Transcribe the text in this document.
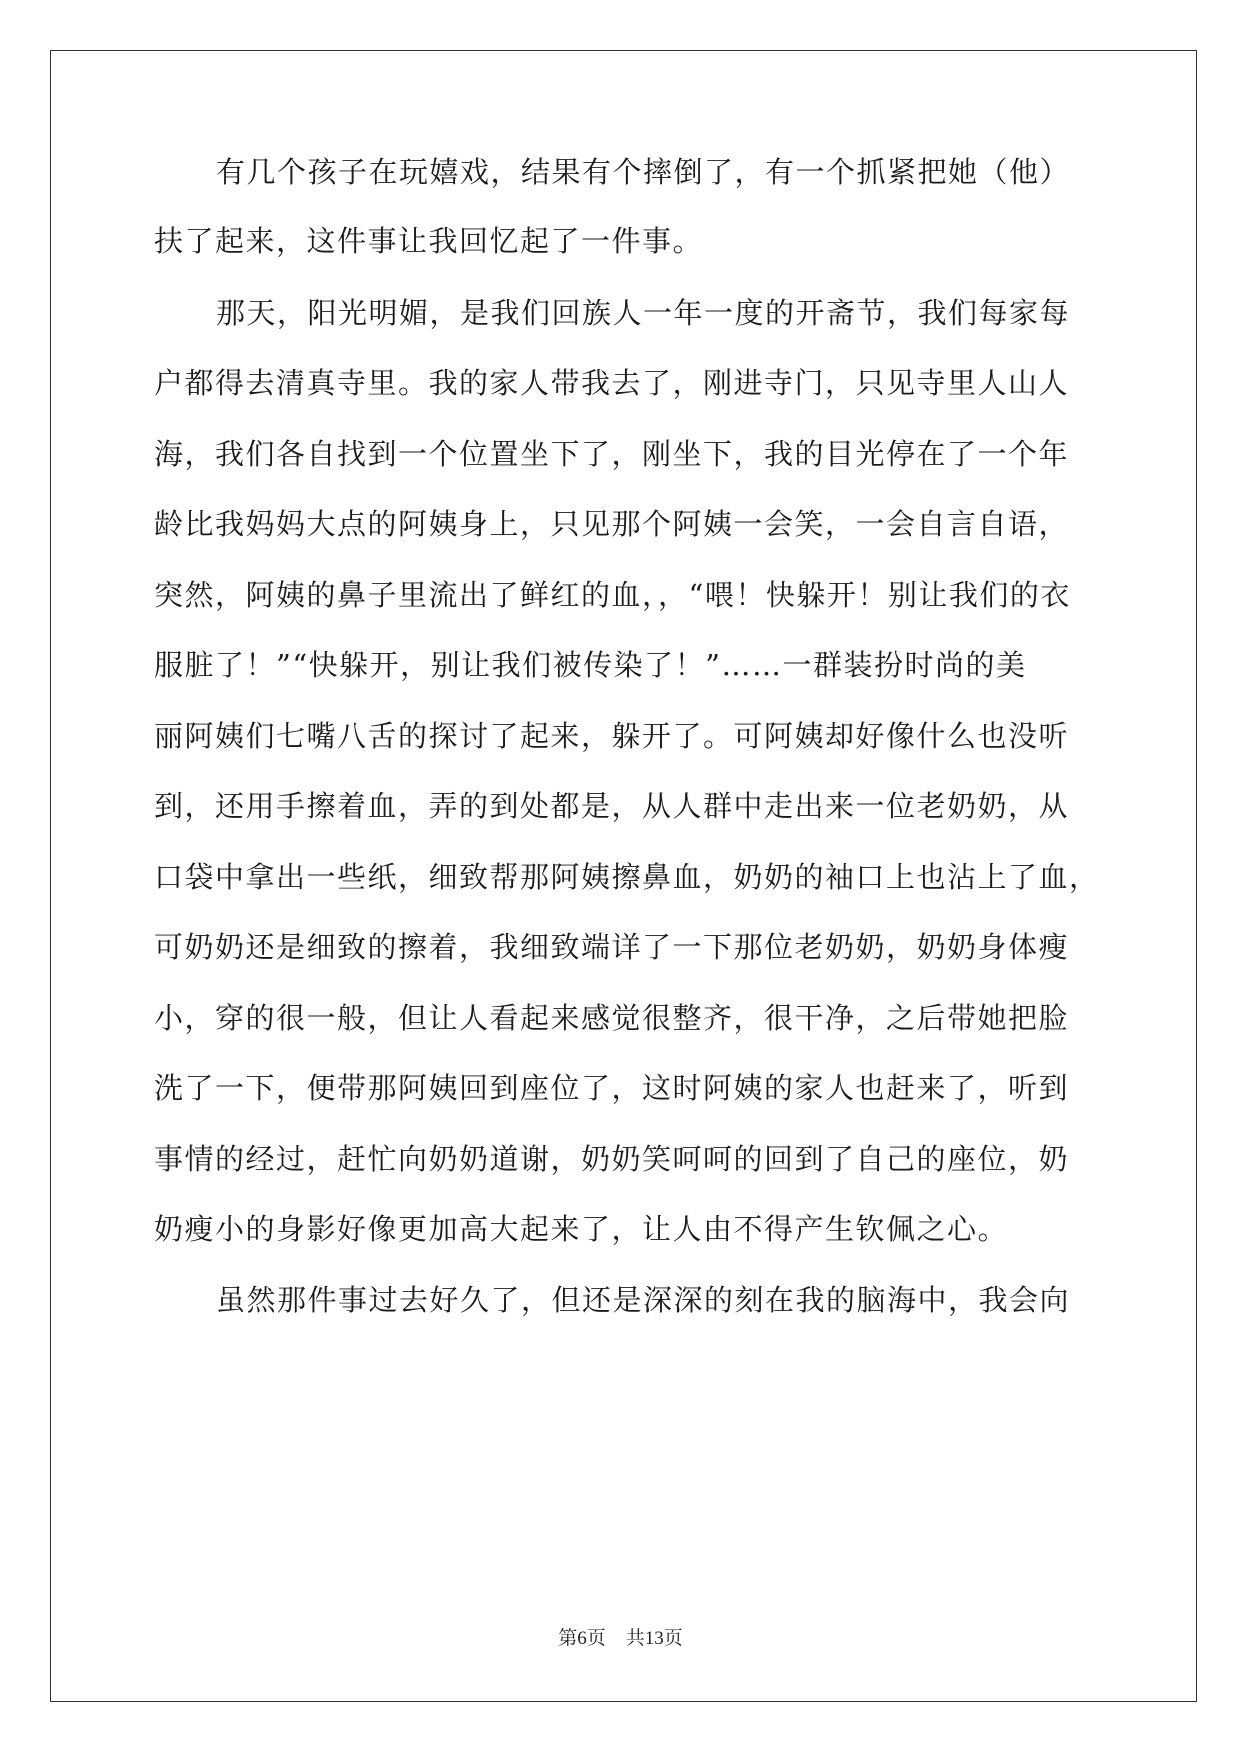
有几个孩子在玩嬉戏，结果有个摔倒了，有一个抓紧把她（他）
扶了起来，这件事让我回忆起了一件事。
那天，阳光明媚，是我们回族人一年一度的开斋节，我们每家每
户都得去清真寺里。我的家人带我去了，刚进寺门，只见寺里人山人
海，我们各自找到一个位置坐下了，刚坐下，我的目光停在了一个年
龄比我妈妈大点的阿姨身上，只见那个阿姨一会笑，一会自言自语，
突然，阿姨的鼻子里流出了鲜红的血，，“喂！快躲开！别让我们的衣
服脏了！”“快躲开，别让我们被传染了！”……一群装扮时尚的美
丽阿姨们七嘴八舌的探讨了起来，躲开了。可阿姨却好像什么也没听
到，还用手擦着血，弄的到处都是，从人群中走出来一位老奶奶，从
口袋中拿出一些纸，细致帮那阿姨擦鼻血，奶奶的袖口上也沾上了血，
可奶奶还是细致的擦着，我细致端详了一下那位老奶奶，奶奶身体瘦
小，穿的很一般，但让人看起来感觉很整齐，很干净，之后带她把脸
洗了一下，便带那阿姨回到座位了，这时阿姨的家人也赶来了，听到
事情的经过，赶忙向奶奶道谢，奶奶笑呵呵的回到了自己的座位，奶
奶瘦小的身影好像更加高大起来了，让人由不得产生钦佩之心。
虽然那件事过去好久了，但还是深深的刻在我的脑海中，我会向
第6页 共13页
